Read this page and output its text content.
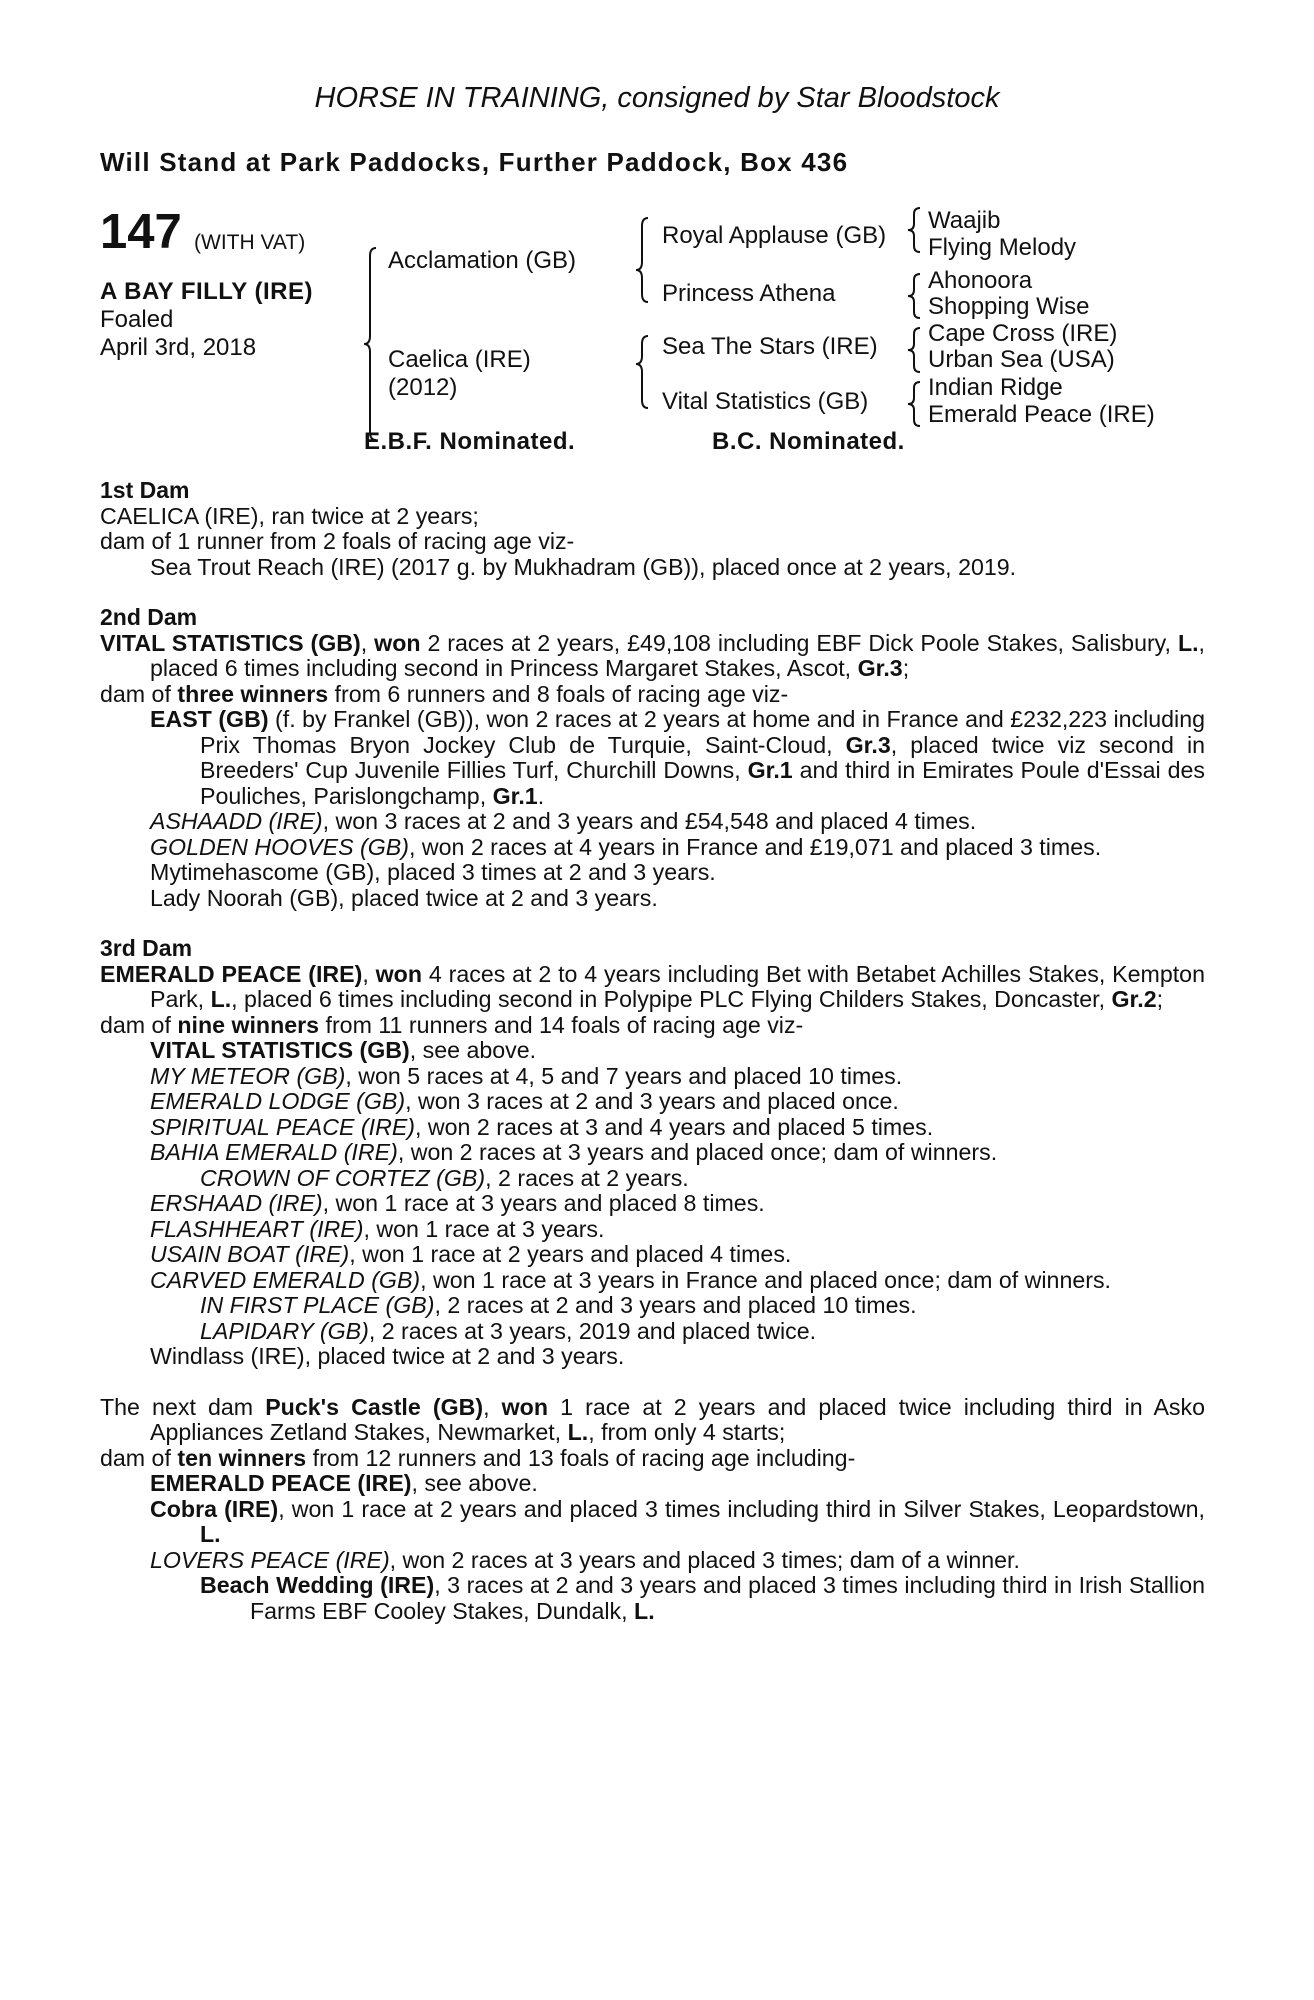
HORSE IN TRAINING, consigned by Star Bloodstock
Will Stand at Park Paddocks, Further Paddock, Box 436
147 (WITH VAT)
A BAY FILLY (IRE)
Foaled
April 3rd, 2018
Acclamation (GB)
Caelica (IRE)
(2012)
Royal Applause (GB)
Princess Athena
Sea The Stars (IRE)
Vital Statistics (GB)
Waajib
Flying Melody
Ahonoora
Shopping Wise
Cape Cross (IRE)
Urban Sea (USA)
Indian Ridge
Emerald Peace (IRE)
E.B.F. Nominated.	B.C. Nominated.
1st Dam
CAELICA (IRE), ran twice at 2 years;
dam of 1 runner from 2 foals of racing age viz-
Sea Trout Reach (IRE) (2017 g. by Mukhadram (GB)), placed once at 2 years, 2019.
2nd Dam
VITAL STATISTICS (GB), won 2 races at 2 years, £49,108 including EBF Dick Poole Stakes, Salisbury, L., placed 6 times including second in Princess Margaret Stakes, Ascot, Gr.3;
dam of three winners from 6 runners and 8 foals of racing age viz-
EAST (GB) (f. by Frankel (GB)), won 2 races at 2 years at home and in France and £232,223 including Prix Thomas Bryon Jockey Club de Turquie, Saint-Cloud, Gr.3, placed twice viz second in Breeders' Cup Juvenile Fillies Turf, Churchill Downs, Gr.1 and third in Emirates Poule d'Essai des Pouliches, Parislongchamp, Gr.1.
ASHAADD (IRE), won 3 races at 2 and 3 years and £54,548 and placed 4 times.
GOLDEN HOOVES (GB), won 2 races at 4 years in France and £19,071 and placed 3 times.
Mytimehascome (GB), placed 3 times at 2 and 3 years.
Lady Noorah (GB), placed twice at 2 and 3 years.
3rd Dam
EMERALD PEACE (IRE), won 4 races at 2 to 4 years including Bet with Betabet Achilles Stakes, Kempton Park, L., placed 6 times including second in Polypipe PLC Flying Childers Stakes, Doncaster, Gr.2;
dam of nine winners from 11 runners and 14 foals of racing age viz-
VITAL STATISTICS (GB), see above.
MY METEOR (GB), won 5 races at 4, 5 and 7 years and placed 10 times.
EMERALD LODGE (GB), won 3 races at 2 and 3 years and placed once.
SPIRITUAL PEACE (IRE), won 2 races at 3 and 4 years and placed 5 times.
BAHIA EMERALD (IRE), won 2 races at 3 years and placed once; dam of winners.
CROWN OF CORTEZ (GB), 2 races at 2 years.
ERSHAAD (IRE), won 1 race at 3 years and placed 8 times.
FLASHHEART (IRE), won 1 race at 3 years.
USAIN BOAT (IRE), won 1 race at 2 years and placed 4 times.
CARVED EMERALD (GB), won 1 race at 3 years in France and placed once; dam of winners.
IN FIRST PLACE (GB), 2 races at 2 and 3 years and placed 10 times.
LAPIDARY (GB), 2 races at 3 years, 2019 and placed twice.
Windlass (IRE), placed twice at 2 and 3 years.
The next dam Puck's Castle (GB), won 1 race at 2 years and placed twice including third in Asko Appliances Zetland Stakes, Newmarket, L., from only 4 starts;
dam of ten winners from 12 runners and 13 foals of racing age including-
EMERALD PEACE (IRE), see above.
Cobra (IRE), won 1 race at 2 years and placed 3 times including third in Silver Stakes, Leopardstown, L.
LOVERS PEACE (IRE), won 2 races at 3 years and placed 3 times; dam of a winner.
Beach Wedding (IRE), 3 races at 2 and 3 years and placed 3 times including third in Irish Stallion Farms EBF Cooley Stakes, Dundalk, L.
